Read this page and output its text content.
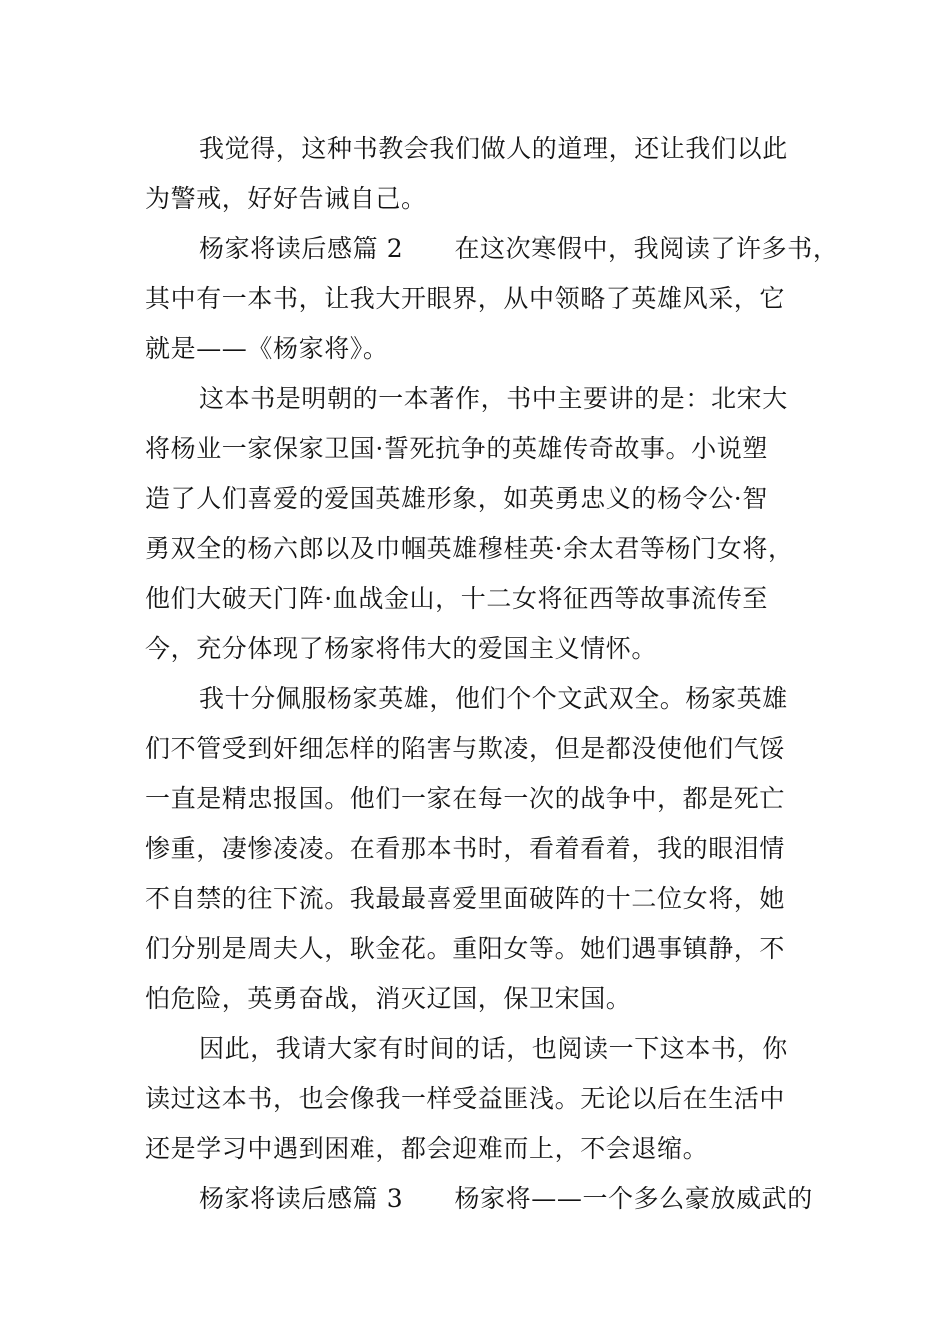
我觉得，这种书教会我们做人的道理，还让我们以此
为警戒，好好告诫自己。
杨家将读后感篇 2　　在这次寒假中，我阅读了许多书，
其中有一本书，让我大开眼界，从中领略了英雄风采，它
就是——《杨家将》。
这本书是明朝的一本著作，书中主要讲的是：北宋大
将杨业一家保家卫国·誓死抗争的英雄传奇故事。小说塑
造了人们喜爱的爱国英雄形象，如英勇忠义的杨令公·智
勇双全的杨六郎以及巾帼英雄穆桂英·余太君等杨门女将，
他们大破天门阵·血战金山，十二女将征西等故事流传至
今，充分体现了杨家将伟大的爱国主义情怀。
我十分佩服杨家英雄，他们个个文武双全。杨家英雄
们不管受到奸细怎样的陷害与欺凌，但是都没使他们气馁
一直是精忠报国。他们一家在每一次的战争中，都是死亡
惨重，凄惨凌凌。在看那本书时，看着看着，我的眼泪情
不自禁的往下流。我最最喜爱里面破阵的十二位女将，她
们分别是周夫人，耿金花。重阳女等。她们遇事镇静，不
怕危险，英勇奋战，消灭辽国，保卫宋国。
因此，我请大家有时间的话，也阅读一下这本书，你
读过这本书，也会像我一样受益匪浅。无论以后在生活中
还是学习中遇到困难，都会迎难而上，不会退缩。
杨家将读后感篇 3　　杨家将——一个多么豪放威武的
